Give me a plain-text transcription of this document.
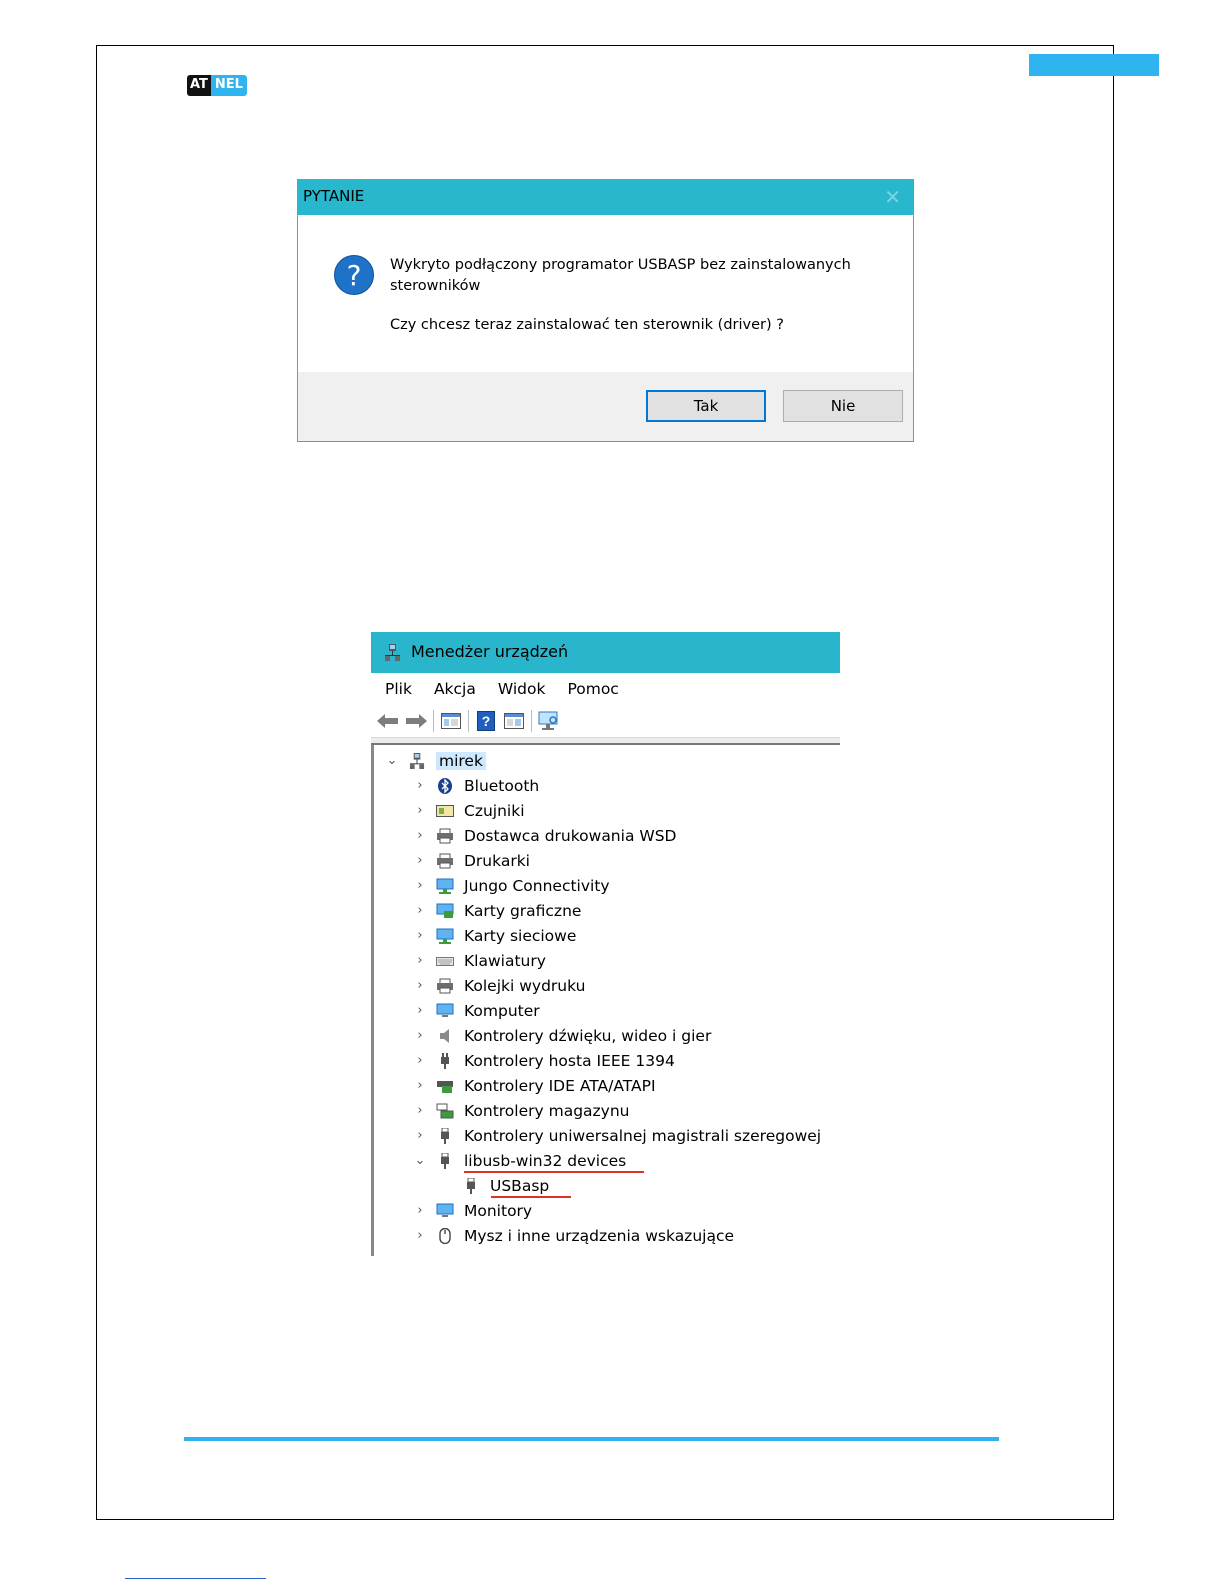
AT NEL
PYTANIE	✕
?	Wykryto podłączony programator USBASP bez zainstalowanych
sterowników
Czy chcesz teraz zainstalować ten sterownik (driver) ?
Tak	Nie
Menedżer urządzeń
Plik Akcja Widok Pomoc
?
⌄	mirek
›	Bluetooth
›	Czujniki
›	Dostawca drukowania WSD
›	Drukarki
›	Jungo Connectivity
›	Karty graficzne
›	Karty sieciowe
›	Klawiatury
›	Kolejki wydruku
›	Komputer
›	Kontrolery dźwięku, wideo i gier
›	Kontrolery hosta IEEE 1394
›	Kontrolery IDE ATA/ATAPI
›	Kontrolery magazynu
›	Kontrolery uniwersalnej magistrali szeregowej
⌄ libusb-win32 devices
USBasp
›	Monitory
›	Mysz i inne urządzenia wskazujące
